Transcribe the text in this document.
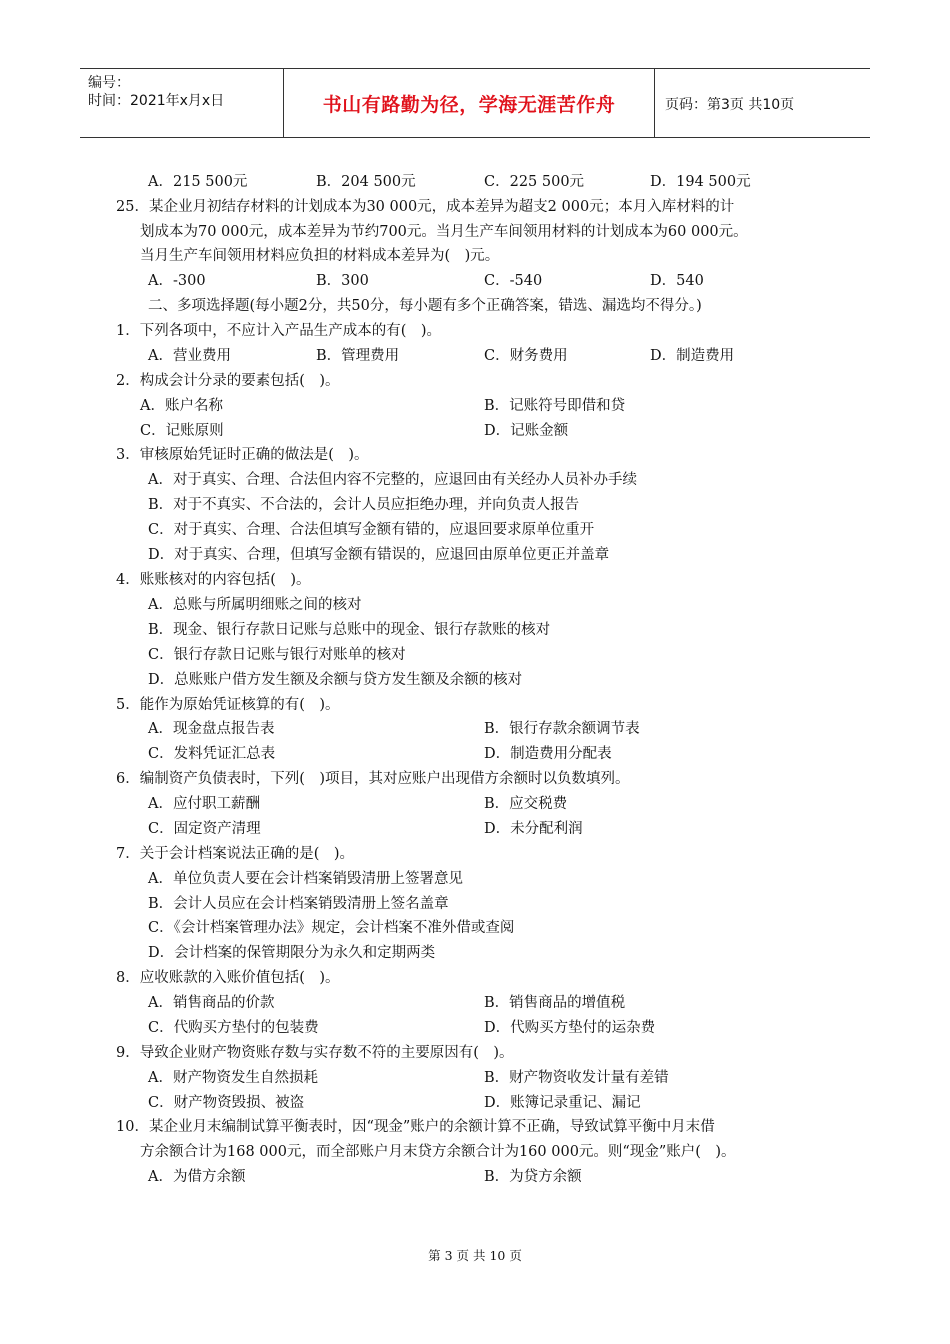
编号：
时间：2021年x月x日	书山有路勤为径，学海无涯苦作舟	页码：第3页 共10页
A．215 500元	B．204 500元	C．225 500元	D．194 500元
25．某企业月初结存材料的计划成本为30 000元，成本差异为超支2 000元；本月入库材料的计
划成本为70 000元，成本差异为节约700元。当月生产车间领用材料的计划成本为60 000元。
当月生产车间领用材料应负担的材料成本差异为(　)元。
A．-300	B．300	C．-540	D．540
二、多项选择题(每小题2分，共50分，每小题有多个正确答案，错选、漏选均不得分。)
1．下列各项中，不应计入产品生产成本的有(　)。
A．营业费用	B．管理费用	C．财务费用	D．制造费用
2．构成会计分录的要素包括(　)。
A．账户名称	B．记账符号即借和贷
C．记账原则	D．记账金额
3．审核原始凭证时正确的做法是(　)。
A．对于真实、合理、合法但内容不完整的，应退回由有关经办人员补办手续
B．对于不真实、不合法的，会计人员应拒绝办理，并向负责人报告
C．对于真实、合理、合法但填写金额有错的，应退回要求原单位重开
D．对于真实、合理，但填写金额有错误的，应退回由原单位更正并盖章
4．账账核对的内容包括(　)。
A．总账与所属明细账之间的核对
B．现金、银行存款日记账与总账中的现金、银行存款账的核对
C．银行存款日记账与银行对账单的核对
D．总账账户借方发生额及余额与贷方发生额及余额的核对
5．能作为原始凭证核算的有(　)。
A．现金盘点报告表	B．银行存款余额调节表
C．发料凭证汇总表	D．制造费用分配表
6．编制资产负债表时，下列(　)项目，其对应账户出现借方余额时以负数填列。
A．应付职工薪酬	B．应交税费
C．固定资产清理	D．未分配利润
7．关于会计档案说法正确的是(　)。
A．单位负责人要在会计档案销毁清册上签署意见
B．会计人员应在会计档案销毁清册上签名盖章
C．《会计档案管理办法》规定，会计档案不准外借或查阅
D．会计档案的保管期限分为永久和定期两类
8．应收账款的入账价值包括(　)。
A．销售商品的价款	B．销售商品的增值税
C．代购买方垫付的包装费	D．代购买方垫付的运杂费
9．导致企业财产物资账存数与实存数不符的主要原因有(　)。
A．财产物资发生自然损耗	B．财产物资收发计量有差错
C．财产物资毁损、被盗	D．账簿记录重记、漏记
10．某企业月末编制试算平衡表时，因“现金”账户的余额计算不正确，导致试算平衡中月末借
方余额合计为168 000元，而全部账户月末贷方余额合计为160 000元。则“现金”账户(　)。
A．为借方余额	B．为贷方余额
第 3 页 共 10 页
